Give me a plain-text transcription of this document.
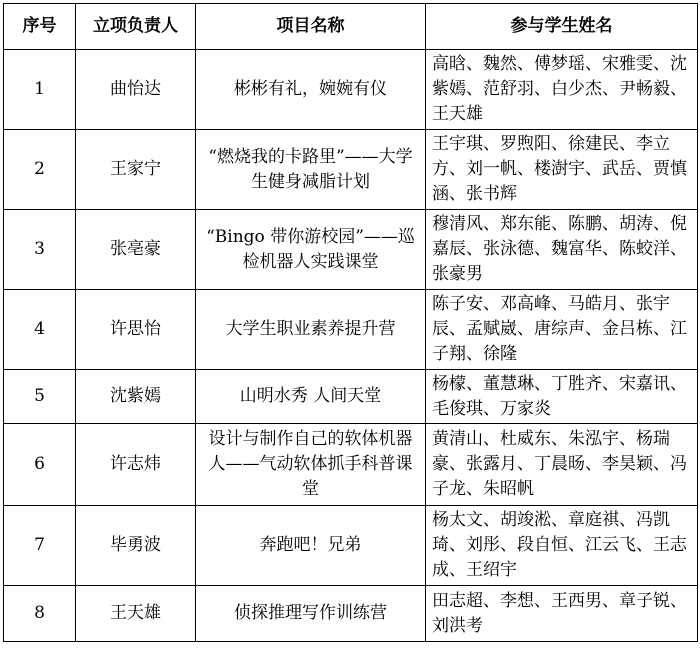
序号	立项负责人	项目名称	参与学生姓名
1	曲怡达	彬彬有礼，婉婉有仪	高晗、魏然、傅梦瑶、宋雅雯、沈紫嫣、范舒羽、白少杰、尹畅毅、王天雄
2	王家宁	“燃烧我的卡路里”——大学生健身减脂计划	王宇琪、罗煦阳、徐建民、李立方、刘一帆、楼澍宇、武岳、贾慎涵、张书辉
3	张亳豪	“Bingo 带你游校园”——巡检机器人实践课堂	穆清风、郑东能、陈鹏、胡涛、倪嘉辰、张泳德、魏富华、陈蛟洋、张豪男
4	许思怡	大学生职业素养提升营	陈子安、邓高峰、马皓月、张宇辰、孟赋崴、唐综声、金吕栋、江子翔、徐隆
5	沈紫嫣	山明水秀 人间天堂	杨檬、董慧琳、丁胜齐、宋嘉讯、毛俊琪、万家炎
6	许志炜	设计与制作自己的软体机器人——气动软体抓手科普课堂	黄清山、杜威东、朱泓宇、杨瑞豪、张露月、丁晨旸、李昊颖、冯子龙、朱昭帆
7	毕勇波	奔跑吧！兄弟	杨太文、胡竣淞、章庭祺、冯凯琦、刘彤、段自恒、江云飞、王志成、王绍宇
8	王天雄	侦探推理写作训练营	田志超、李想、王西男、章子锐、刘洪考
